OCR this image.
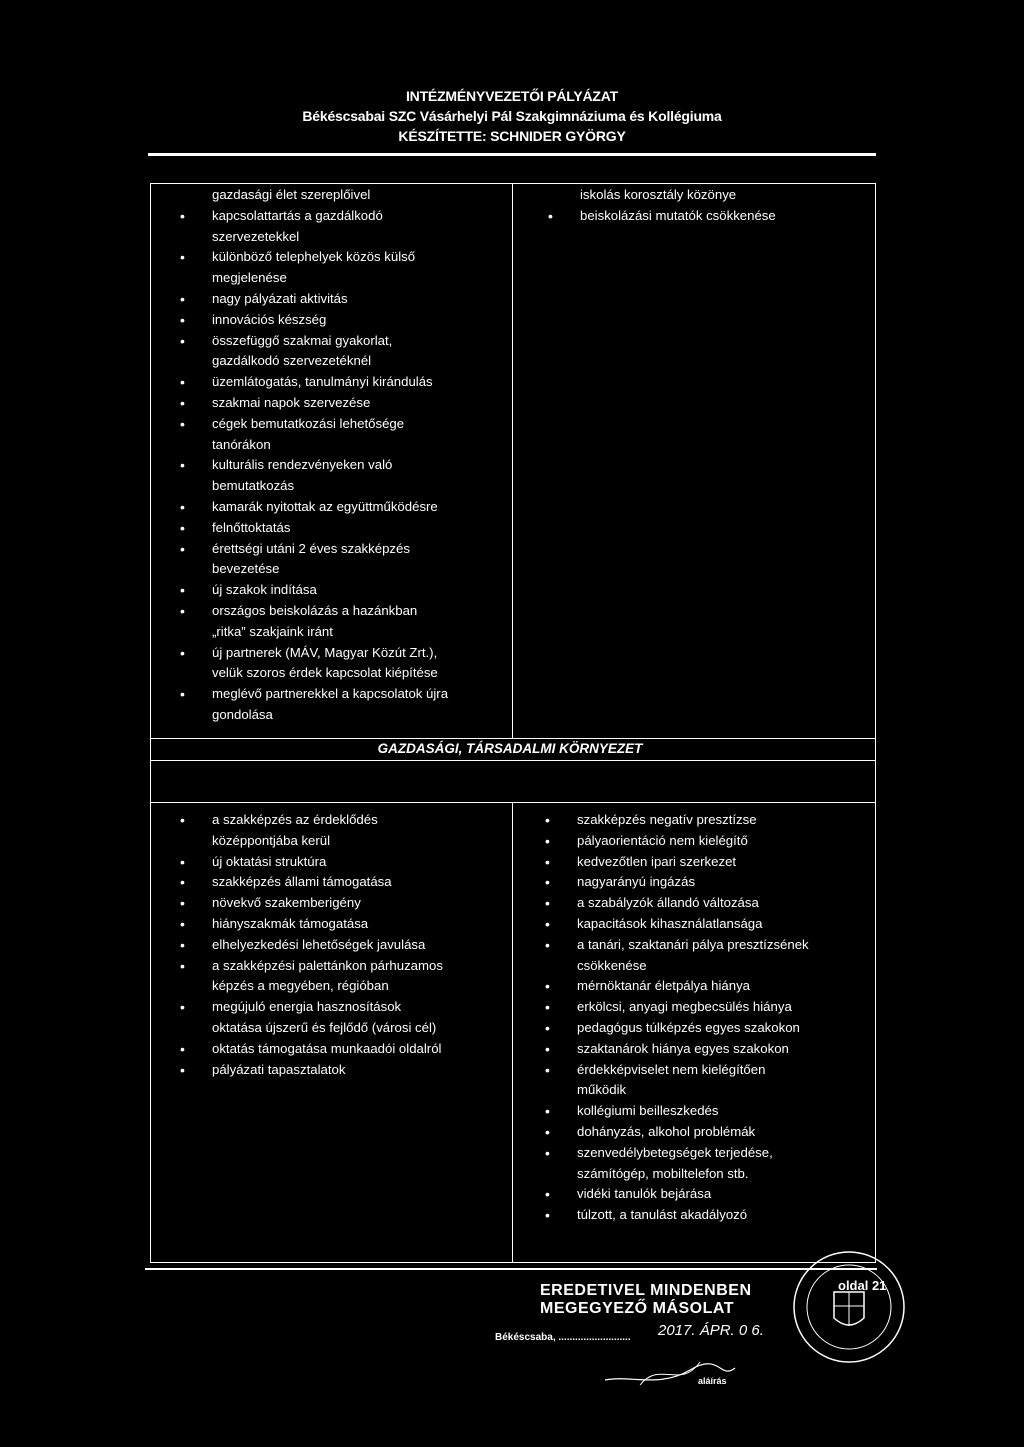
INTÉZMÉNYVEZETŐI PÁLYÁZAT
Békéscsabai SZC Vásárhelyi Pál Szakgimnáziuma és Kollégiuma
KÉSZÍTETTE: SCHNIDER GYÖRGY
gazdasági élet szereplőivel
• kapcsolattartás a gazdálkodó
szervezetekkel
• különböző telephelyek közös külső
megjelenése
• nagy pályázati aktivitás
• innovációs készség
• összefüggő szakmai gyakorlat,
gazdálkodó szervezetéknél
• üzemlátogatás, tanulmányi kirándulás
• szakmai napok szervezése
• cégek bemutatkozási lehetősége
tanórákon
• kulturális rendezvényeken való
bemutatkozás
• kamarák nyitottak az együttműködésre
• felnőttoktatás
• érettségi utáni 2 éves szakképzés
bevezetése
• új szakok indítása
• országos beiskolázás a hazánkban
„ritka” szakjaink iránt
• új partnerek (MÁV, Magyar Közút Zrt.),
velük szoros érdek kapcsolat kiépítése
• meglévő partnerekkel a kapcsolatok újra
gondolása
iskolás korosztály közönye
• beiskolázási mutatók csökkenése
GAZDASÁGI, TÁRSADALMI KÖRNYEZET
• a szakképzés az érdeklődés
középpontjába kerül
• új oktatási struktúra
• szakképzés állami támogatása
• növekvő szakemberigény
• hiányszakmák támogatása
• elhelyezkedési lehetőségek javulása
• a szakképzési palettánkon párhuzamos
képzés a megyében, régióban
• megújuló energia hasznosítások
oktatása újszerű és fejlődő (városi cél)
• oktatás támogatása munkaadói oldalról
• pályázati tapasztalatok
• szakképzés negatív presztízse
• pályaorientáció nem kielégítő
• kedvezőtlen ipari szerkezet
• nagyarányú ingázás
• a szabályzók állandó változása
• kapacitások kihasználatlansága
• a tanári, szaktanári pálya presztízsének
csökkenése
• mérnöktanár életpálya hiánya
• erkölcsi, anyagi megbecsülés hiánya
• pedagógus túlképzés egyes szakokon
• szaktanárok hiánya egyes szakokon
• érdekképviselet nem kielégítően
működik
• kollégiumi beilleszkedés
• dohányzás, alkohol problémák
• szenvedélybetegségek terjedése,
számítógép, mobiltelefon stb.
• vidéki tanulók bejárása
• túlzott, a tanulást akadályozó
EREDETIVEL MINDENBEN
MEGEGYEZŐ MÁSOLAT
Békéscsaba, .......................... 2017. ÁPR. 0 6.
aláírás
oldal 21
